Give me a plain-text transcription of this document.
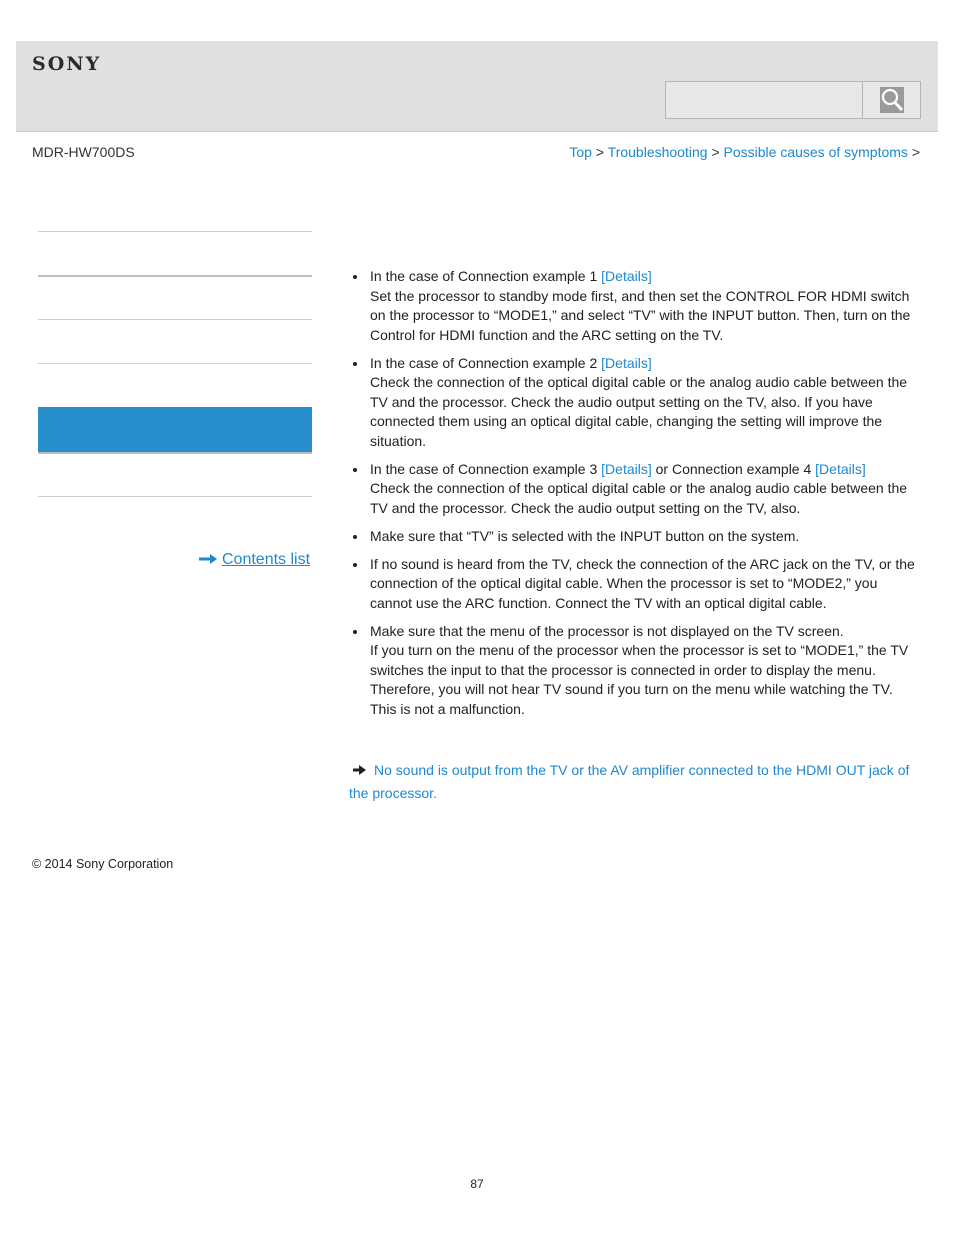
SONY
MDR-HW700DS	Top > Troubleshooting > Possible causes of symptoms >
Contents list
In the case of Connection example 1 [Details]
Set the processor to standby mode first, and then set the CONTROL FOR HDMI switch on the processor to “MODE1,” and select “TV” with the INPUT button. Then, turn on the Control for HDMI function and the ARC setting on the TV.
In the case of Connection example 2 [Details]
Check the connection of the optical digital cable or the analog audio cable between the TV and the processor. Check the audio output setting on the TV, also. If you have connected them using an optical digital cable, changing the setting will improve the situation.
In the case of Connection example 3 [Details] or Connection example 4 [Details]
Check the connection of the optical digital cable or the analog audio cable between the TV and the processor. Check the audio output setting on the TV, also.
Make sure that “TV” is selected with the INPUT button on the system.
If no sound is heard from the TV, check the connection of the ARC jack on the TV, or the connection of the optical digital cable. When the processor is set to “MODE2,” you cannot use the ARC function. Connect the TV with an optical digital cable.
Make sure that the menu of the processor is not displayed on the TV screen.
If you turn on the menu of the processor when the processor is set to “MODE1,” the TV switches the input to that the processor is connected in order to display the menu. Therefore, you will not hear TV sound if you turn on the menu while watching the TV. This is not a malfunction.
No sound is output from the TV or the AV amplifier connected to the HDMI OUT jack of the processor.
© 2014 Sony Corporation
87
